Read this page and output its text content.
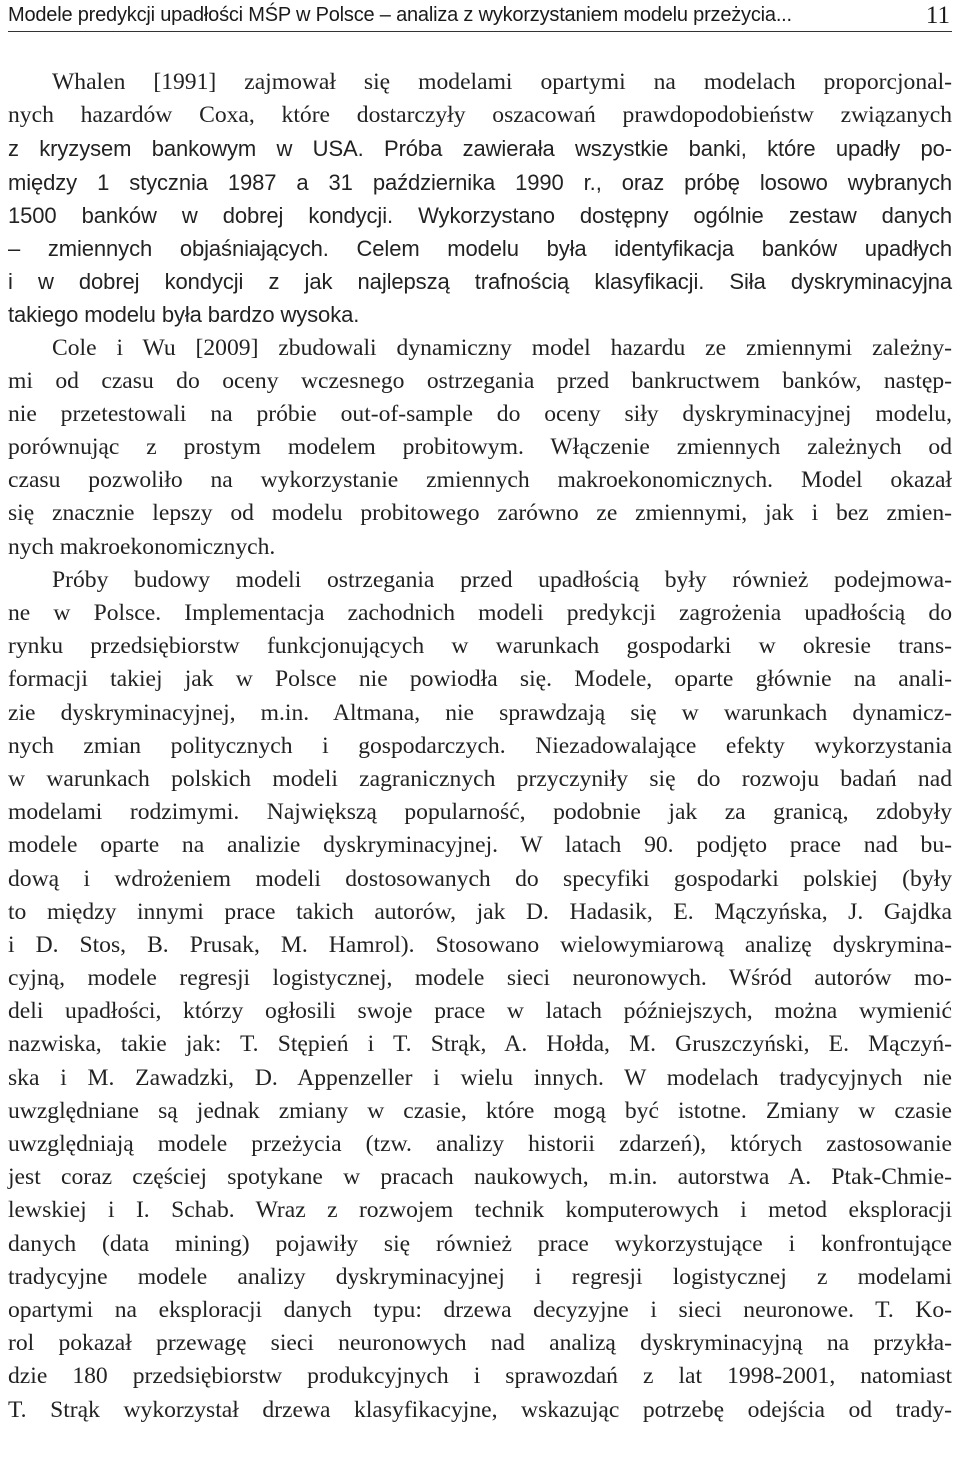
Modele predykcji upadłości MŚP w Polsce – analiza z wykorzystaniem modelu przeżycia...	11
Whalen [1991] zajmował się modelami opartymi na modelach proporcjonal-
nych hazardów Coxa, które dostarczyły oszacowań prawdopodobieństw związanych
z kryzysem bankowym w USA. Próba zawierała wszystkie banki, które upadły po-
między 1 stycznia 1987 a 31 października 1990 r., oraz próbę losowo wybranych
1500 banków w dobrej kondycji. Wykorzystano dostępny ogólnie zestaw danych
– zmiennych objaśniających. Celem modelu była identyfikacja banków upadłych
i w dobrej kondycji z jak najlepszą trafnością klasyfikacji. Siła dyskryminacyjna
takiego modelu była bardzo wysoka.
Cole i Wu [2009] zbudowali dynamiczny model hazardu ze zmiennymi zależny-
mi od czasu do oceny wczesnego ostrzegania przed bankructwem banków, następ-
nie przetestowali na próbie out-of-sample do oceny siły dyskryminacyjnej modelu,
porównując z prostym modelem probitowym. Włączenie zmiennych zależnych od
czasu pozwoliło na wykorzystanie zmiennych makroekonomicznych. Model okazał
się znacznie lepszy od modelu probitowego zarówno ze zmiennymi, jak i bez zmien-
nych makroekonomicznych.
Próby budowy modeli ostrzegania przed upadłością były również podejmowa-
ne w Polsce. Implementacja zachodnich modeli predykcji zagrożenia upadłością do
rynku przedsiębiorstw funkcjonujących w warunkach gospodarki w okresie trans-
formacji takiej jak w Polsce nie powiodła się. Modele, oparte głównie na anali-
zie dyskryminacyjnej, m.in. Altmana, nie sprawdzają się w warunkach dynamicz-
nych zmian politycznych i gospodarczych. Niezadowalające efekty wykorzystania
w warunkach polskich modeli zagranicznych przyczyniły się do rozwoju badań nad
modelami rodzimymi. Największą popularność, podobnie jak za granicą, zdobyły
modele oparte na analizie dyskryminacyjnej. W latach 90. podjęto prace nad bu-
dową i wdrożeniem modeli dostosowanych do specyfiki gospodarki polskiej (były
to między innymi prace takich autorów, jak D. Hadasik, E. Mączyńska, J. Gajdka
i D. Stos, B. Prusak, M. Hamrol). Stosowano wielowymiarową analizę dyskrymina-
cyjną, modele regresji logistycznej, modele sieci neuronowych. Wśród autorów mo-
deli upadłości, którzy ogłosili swoje prace w latach późniejszych, można wymienić
nazwiska, takie jak: T. Stępień i T. Strąk, A. Hołda, M. Gruszczyński, E. Mączyń-
ska i M. Zawadzki, D. Appenzeller i wielu innych. W modelach tradycyjnych nie
uwzględniane są jednak zmiany w czasie, które mogą być istotne. Zmiany w czasie
uwzględniają modele przeżycia (tzw. analizy historii zdarzeń), których zastosowanie
jest coraz częściej spotykane w pracach naukowych, m.in. autorstwa A. Ptak-Chmie-
lewskiej i I. Schab. Wraz z rozwojem technik komputerowych i metod eksploracji
danych (data mining) pojawiły się również prace wykorzystujące i konfrontujące
tradycyjne modele analizy dyskryminacyjnej i regresji logistycznej z modelami
opartymi na eksploracji danych typu: drzewa decyzyjne i sieci neuronowe. T. Ko-
rol pokazał przewagę sieci neuronowych nad analizą dyskryminacyjną na przykła-
dzie 180 przedsiębiorstw produkcyjnych i sprawozdań z lat 1998-2001, natomiast
T. Strąk wykorzystał drzewa klasyfikacyjne, wskazując potrzebę odejścia od trady-
